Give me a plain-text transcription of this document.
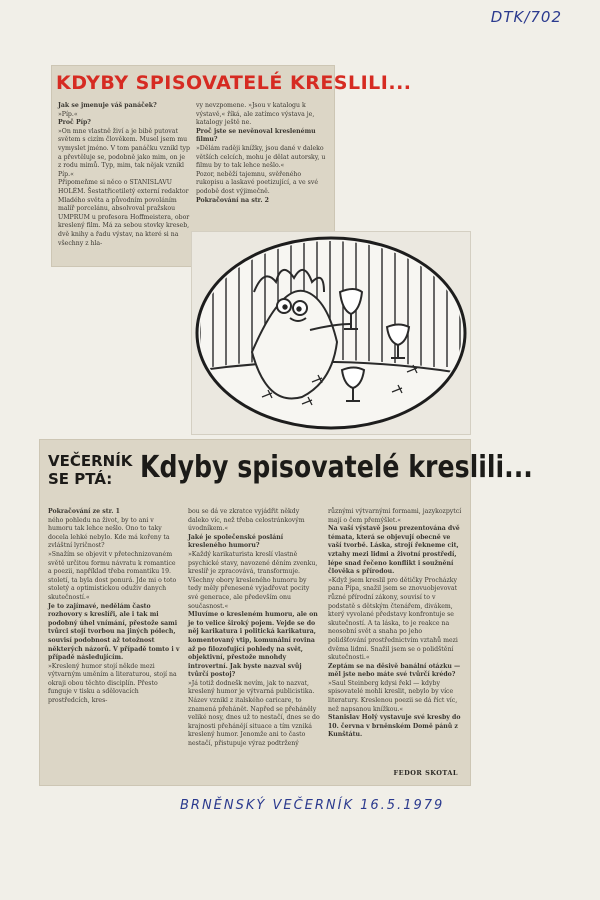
DTK/702
KDYBY SPISOVATELÉ KRESLILI...

Jak se jmenuje váš panáček?

»Píp.«

Proč Píp?

»On mne vlastně živí a je bibě putovat světem s cizím člověkem. Musel jsem mu vymyslet jméno. V tom panáčku vznikl typ a převtěluje se, podobně jako mim, on je z rodu mimů. Typ, mim, tak nějak vznikl Píp.«

Připomeňme si něco o STANISLAVU HOLÉM. Šestatřicetiletý externí redaktor Mladého světa a původním povoláním malíř porcelánu, absolvoval pražskou UMPRUM u profesora Hoffmeistera, obor kreslený film. Má za sebou stovky kreseb, dvě knihy a řadu výstav, na které si na všechny z hla-

vy nevzpomene. »Jsou v katalogu k výstavě,« říká, ale zatímco výstava je, katalogy ještě ne.

Proč jste se nevěnoval kreslenému filmu?

»Dělám raději knížky, jsou dané v daleko větších celcích, mohu je dělat autorsky, u filmu by to tak lehce nešlo.«

Pozor, neběží tajemnu, svěřeného rukopisu a laskavé poetizující, a ve své podobě dost výjimečně.

Pokračování na str. 2

VEČERNÍK
SE PTÁ: Kdyby spisovatelé kreslili...

Pokračování ze str. 1

ného pohledu na život, by to ani v humoru tak lehce nešlo. Ono to taky docela lehké nebylo. Kde má kořeny ta zvláštní lyričnost?

»Snažím se objevit v přetechnizovaném světě určitou formu návratu k romantice a poezii, například třeba romantiku 19. století, ta byla dost ponurá. Jde mi o toto stoletý a optimistickou oduživ danych skutečností.«

Je to zajímavé, nedělám často rozhovory s kreslíři, ale i tak mi podobný úhel vnímání, přestože sami tvůrci stojí tvorbou na jiných pólech, souvisí podobnost až totožnost některých názorů. V případě tomto i v případě následujícím.

»Kreslený humor stojí někde mezi výtvarným uměním a literaturou, stojí na okraji obou těchto disciplín. Přesto funguje v tisku a sdělovacích prostředcích, kres-

bou se dá ve zkratce vyjádřit někdy daleko víc, než třeba celostránkovým úvodníkem.«

Jaké je společenské poslání kresleného humoru?

»Každý karikaturista kreslí vlastně psychické stavy, navozené děním zvenku, kreslíř je zpracovává, transformuje. Všechny obory kresleného humoru by tedy měly přenesené vyjadřovat pocity své generace, ale především onu současnost.«

Mluvíme o kresleném humoru, ale on je to velice široký pojem. Vejde se do něj karikatura i politická karikatura, komentovaný vtip, komunální rovina až po filozofující pohledy na svět, objektivní, přestože mnohdy introvertní. Jak byste nazval svůj tvůrčí postoj?

»Já totiž dodnešk nevím, jak to nazvat, kreslený humor je výtvarná publicistika. Název vznikl z italského caricare, to znamená přehánět. Napřed se přeháněly veliké nosy, dnes už to nestačí, dnes se do krajnosti přehánějí situace a tím vzniká kreslený humor. Jenomže ani to často nestačí, přistupuje výraz podtržený

různými výtvarnými formami, jazykozpytcí mají o čem přemýšlet.«

Na vaší výstavě jsou prezentována dvě témata, která se objevují obecně ve vaší tvorbě. Láska, strojí řekneme cit, vztahy mezi lidmi a životní prostředí, lépe snad řečeno konflikt i soužnění člověka s přírodou.

»Když jsem kreslil pro dětičky Procházky pana Pípa, snažil jsem se znovuobjevovat různé přírodní zákony, souvisí to v podstatě s dětským čtenářem, divákem, který vyvolané představy konfrontuje se skutečností. A ta láska, to je reakce na neosobní svět a snaha po jeho polidšťování prostřednictvím vztahů mezi dvěma lidmi. Snažil jsem se o polidštění skutečnosti.«

Zeptám se na děsivě banální otázku — měl jste nebo máte své tvůrčí krédo?

»Saul Steinberg kdysi řekl — kdyby spisovatelé mohli kreslit, nebylo by více literatury. Kreslenou poezii se dá říct víc, než napsanou knížkou.«

Stanislav Holý vystavuje své kresby do 10. června v brněnském Domě pánů z Kunštátu.

FEDOR SKOTAL
BRNĚNSKÝ VEČERNÍK 16.5.1979
